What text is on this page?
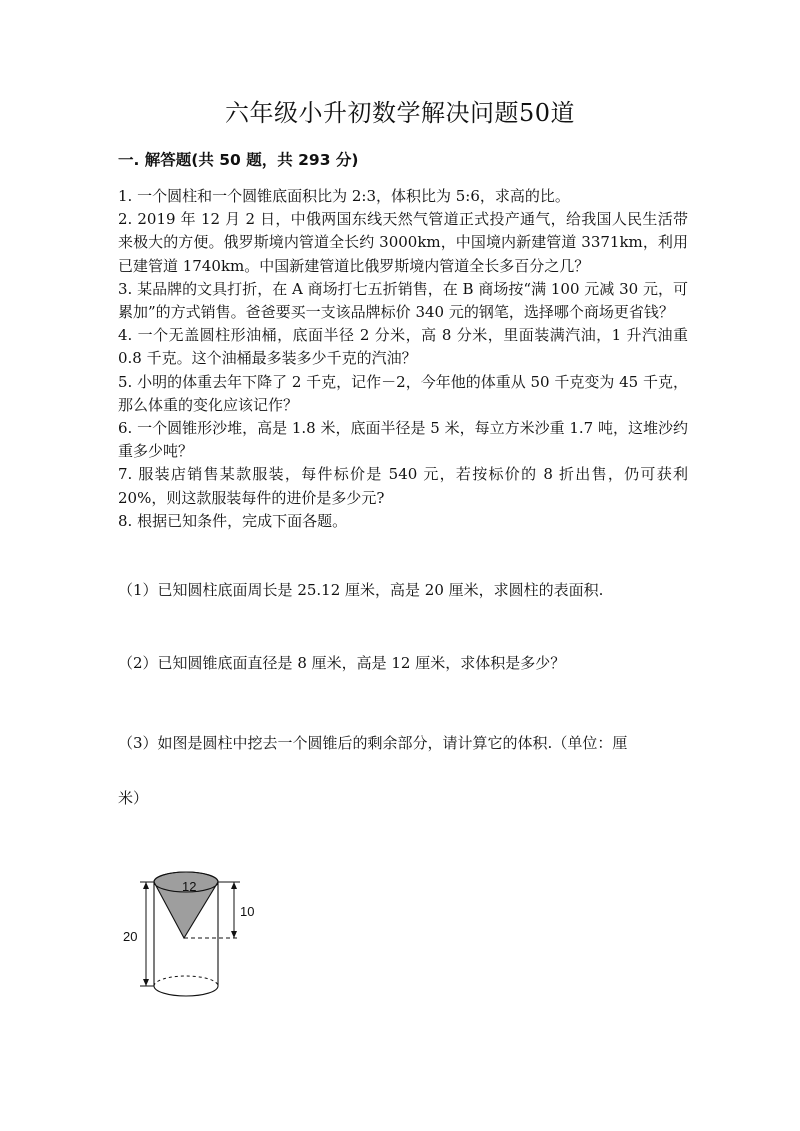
六年级小升初数学解决问题50道
一. 解答题(共 50 题，共 293 分)

1. 一个圆柱和一个圆锥底面积比为 2:3，体积比为 5:6，求高的比。

2. 2019 年 12 月 2 日，中俄两国东线天然气管道正式投产通气，给我国人民生活带来极大的方便。俄罗斯境内管道全长约 3000km，中国境内新建管道 3371km，利用已建管道 1740km。中国新建管道比俄罗斯境内管道全长多百分之几？

3. 某品牌的文具打折，在 A 商场打七五折销售，在 B 商场按“满 100 元减 30 元，可累加”的方式销售。爸爸要买一支该品牌标价 340 元的钢笔，选择哪个商场更省钱？

4. 一个无盖圆柱形油桶，底面半径 2 分米，高 8 分米，里面装满汽油，1 升汽油重 0.8 千克。这个油桶最多装多少千克的汽油？

5. 小明的体重去年下降了 2 千克，记作－2，今年他的体重从 50 千克变为 45 千克，那么体重的变化应该记作？

6. 一个圆锥形沙堆，高是 1.8 米，底面半径是 5 米，每立方米沙重 1.7 吨，这堆沙约重多少吨？

7. 服装店销售某款服装，每件标价是 540 元，若按标价的 8 折出售，仍可获利 20%，则这款服装每件的进价是多少元?

8. 根据已知条件，完成下面各题。

（1）已知圆柱底面周长是 25.12 厘米，高是 20 厘米，求圆柱的表面积.
（2）已知圆锥底面直径是 8 厘米，高是 12 厘米，求体积是多少？
（3）如图是圆柱中挖去一个圆锥后的剩余部分，请计算它的体积.（单位：厘
米）
12
10
20
